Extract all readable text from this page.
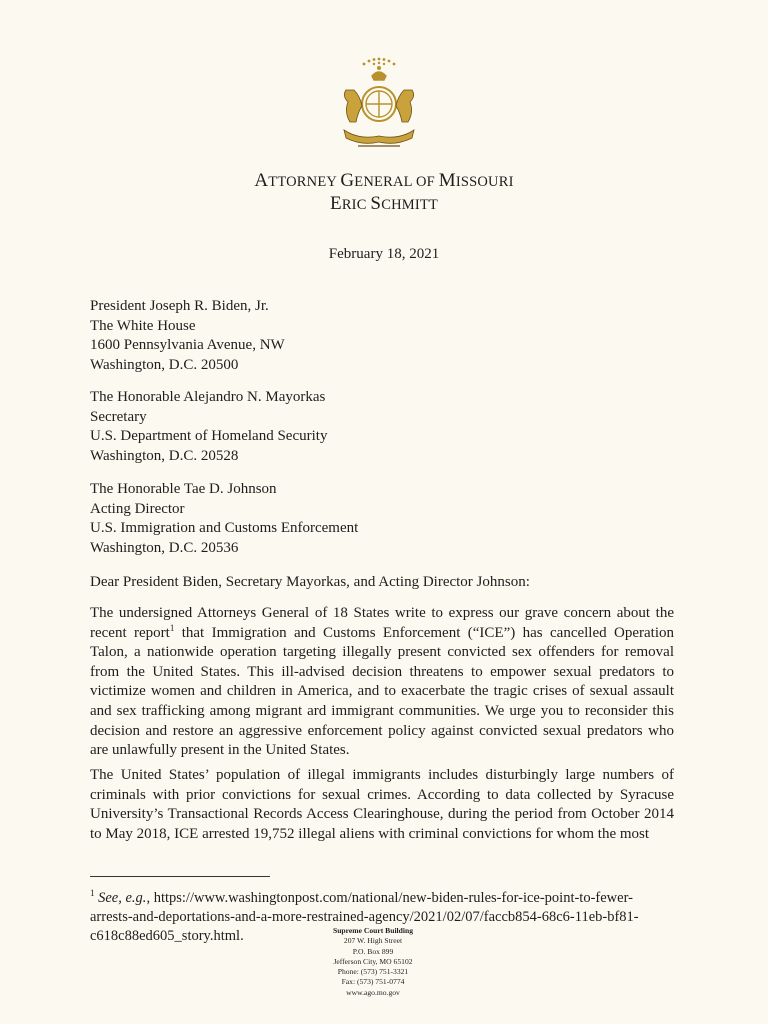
ATTORNEY GENERAL OF MISSOURI
ERIC SCHMITT
February 18, 2021
President Joseph R. Biden, Jr.
The White House
1600 Pennsylvania Avenue, NW
Washington, D.C. 20500
The Honorable Alejandro N. Mayorkas
Secretary
U.S. Department of Homeland Security
Washington, D.C. 20528
The Honorable Tae D. Johnson
Acting Director
U.S. Immigration and Customs Enforcement
Washington, D.C. 20536
Dear President Biden, Secretary Mayorkas, and Acting Director Johnson:
The undersigned Attorneys General of 18 States write to express our grave concern about the recent report$^1$ that Immigration and Customs Enforcement (“ICE”) has cancelled Operation Talon, a nationwide operation targeting illegally present convicted sex offenders for removal from the United States. This ill-advised decision threatens to empower sexual predators to victimize women and children in America, and to exacerbate the tragic crises of sexual assault and sex trafficking among migrant ard immigrant communities. We urge you to reconsider this decision and restore an aggressive enforcement policy against convicted sexual predators who are unlawfully present in the United States.
The United States’ population of illegal immigrants includes disturbingly large numbers of criminals with prior convictions for sexual crimes. According to data collected by Syracuse University’s Transactional Records Access Clearinghouse, during the period from October 2014 to May 2018, ICE arrested 19,752 illegal aliens with criminal convictions for whom the most
$^1$ See, e.g., https://www.washingtonpost.com/national/new-biden-rules-for-ice-point-to-fewer-
arrests-and-deportations-and-a-more-restrained-agency/2021/02/07/faccb854-68c6-11eb-bf81-
c618c88ed605_story.html.	Supreme Court Building
207 W. High Street
P.O. Box 899
Jefferson City, MO 65102
Phone: (573) 751-3321
Fax: (573) 751-0774
www.ago.mo.gov
